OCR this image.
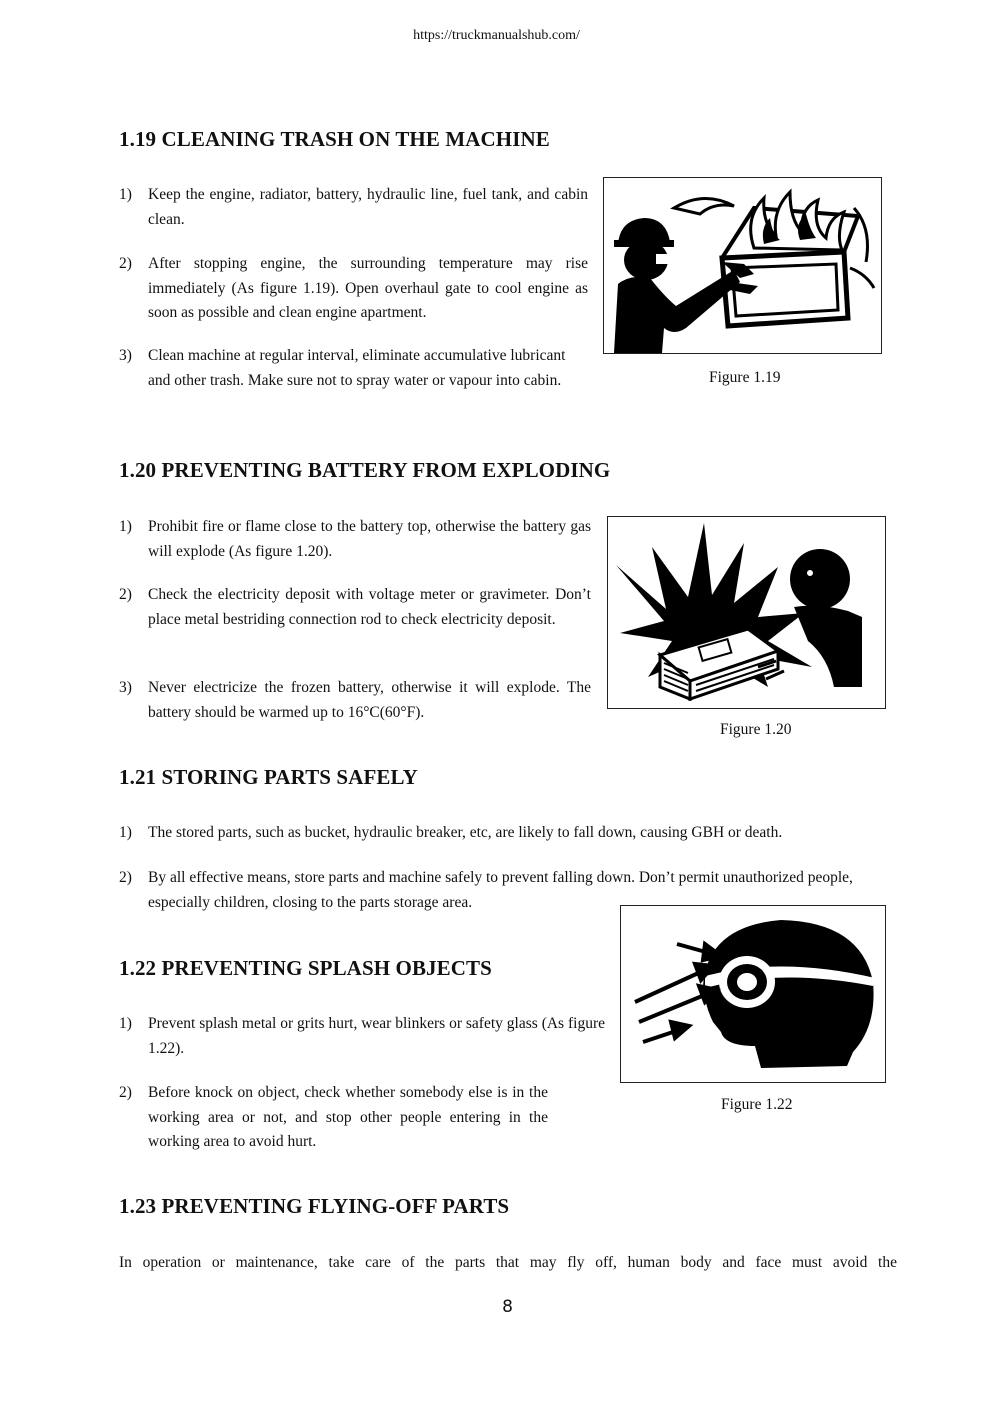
https://truckmanualshub.com/
1.19 CLEANING TRASH ON THE MACHINE
1)	Keep the engine, radiator, battery, hydraulic line, fuel tank, and cabin clean.
2)	After stopping engine, the surrounding temperature may rise immediately (As figure 1.19). Open overhaul gate to cool engine as soon as possible and clean engine apartment.
3)	Clean machine at regular interval, eliminate accumulative lubricant and other trash. Make sure not to spray water or vapour into cabin.	Figure 1.19
1.20 PREVENTING BATTERY FROM EXPLODING
1)	Prohibit fire or flame close to the battery top, otherwise the battery gas will explode (As figure 1.20).
2)	Check the electricity deposit with voltage meter or gravimeter. Don’t place metal bestriding connection rod to check electricity deposit.
3)	Never electricize the frozen battery, otherwise it will explode. The battery should be warmed up to 16°C(60°F).
Figure 1.20
1.21 STORING PARTS SAFELY
1)	The stored parts, such as bucket, hydraulic breaker, etc, are likely to fall down, causing GBH or death.
2)	By all effective means, store parts and machine safely to prevent falling down. Don’t permit unauthorized people, especially children, closing to the parts storage area.
1.22 PREVENTING SPLASH OBJECTS
1)	Prevent splash metal or grits hurt, wear blinkers or safety glass (As figure 1.22).
2)	Before knock on object, check whether somebody else is in the working area or not, and stop other people entering in the working area to avoid hurt.
Figure 1.22
1.23 PREVENTING FLYING-OFF PARTS
In operation or maintenance, take care of the parts that may fly off, human body and face must avoid the
8
